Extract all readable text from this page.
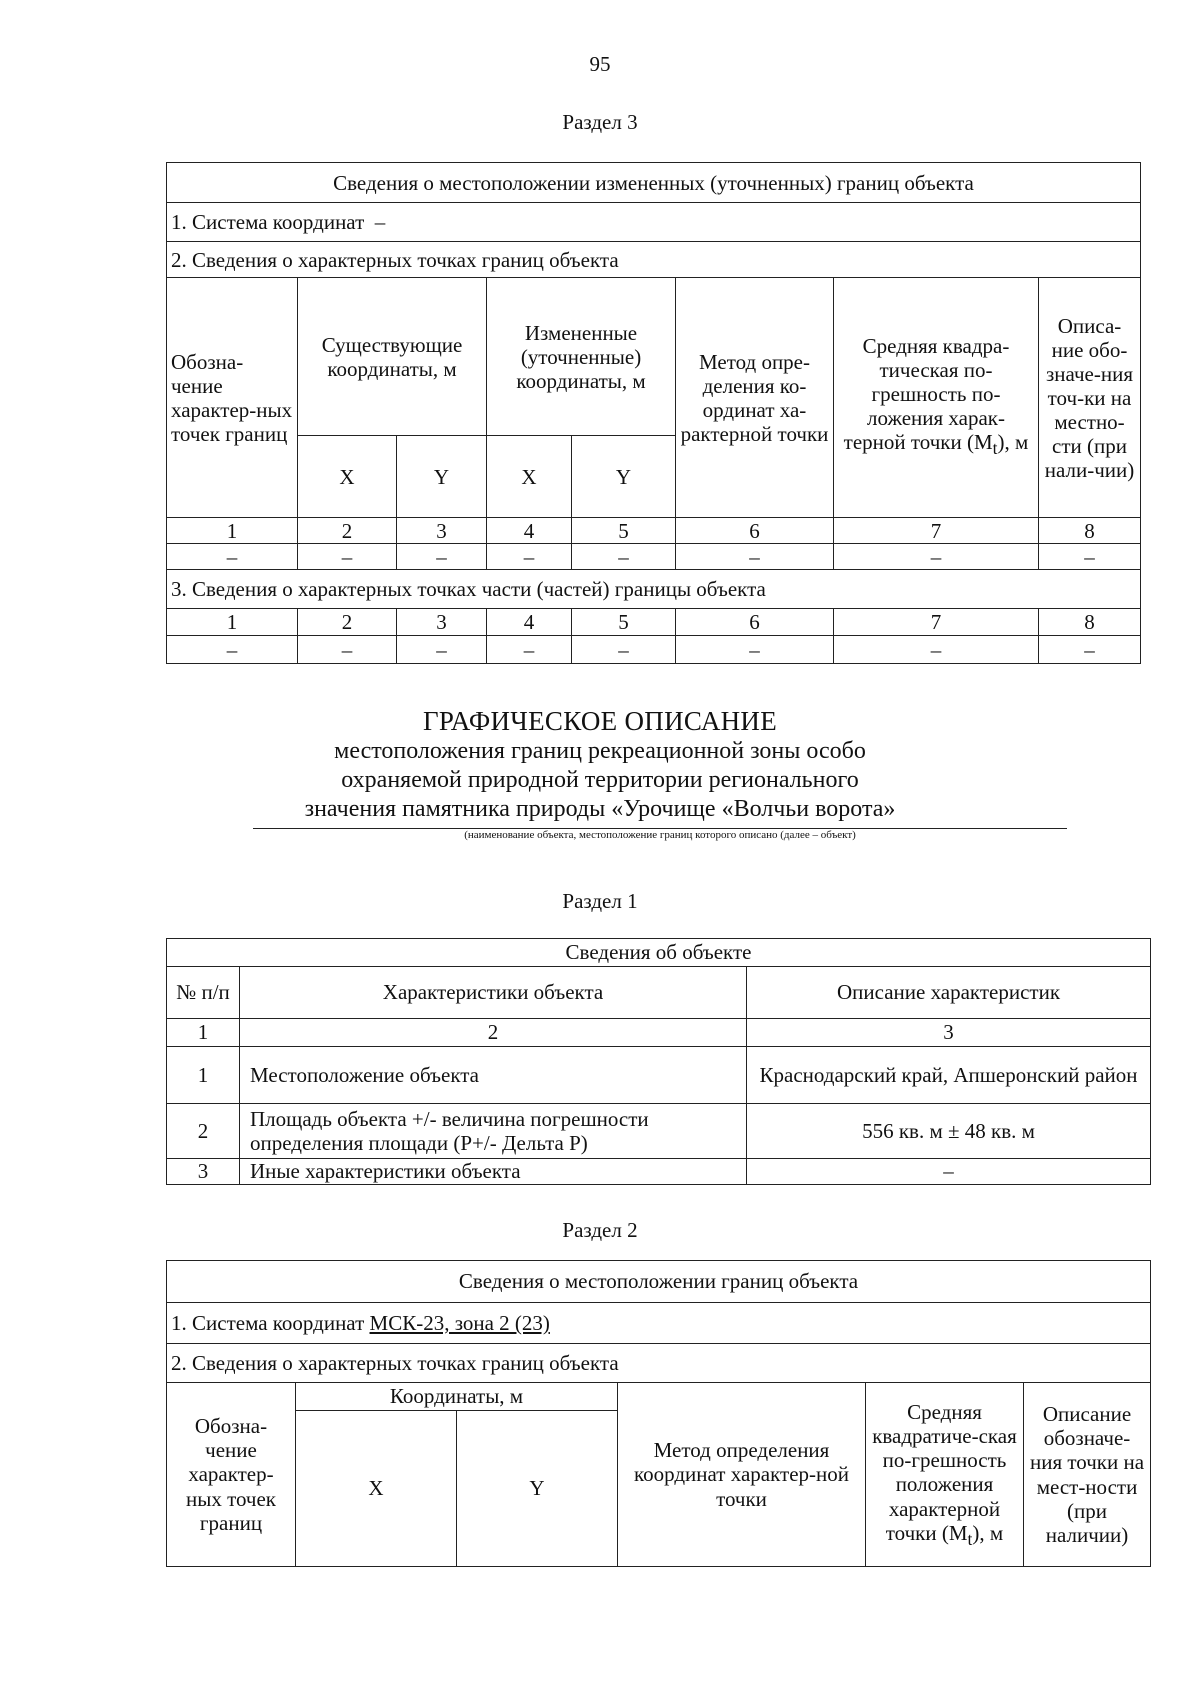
95
Раздел 3
Сведения о местоположении измененных (уточненных) границ объекта							
1. Система координат –							
2. Сведения о характерных точках границ объекта							
Обозна-чение характер-ных точек границ	Существующие координаты, м		Измененные (уточненные) координаты, м		Метод опре-деления ко-ординат ха-рактерной точки	Средняя квадра-тическая по-грешность по-ложения харак-терной точки $(M_t)$, м	Описа-ние обо-значе-ния точ-ки на местно-сти (при нали-чии)
	X	Y	X	Y			
1	2	3	4	5	6	7	8
–	–	–	–	–	–	–	–
3. Сведения о характерных точках части (частей) границы объекта							
1	2	3	4	5	6	7	8
–	–	–	–	–	–	–	–
ГРАФИЧЕСКОЕ ОПИСАНИЕ
местоположения границ рекреационной зоны особо
охраняемой природной территории регионального
значения памятника природы «Урочище «Волчьи ворота»
(наименование объекта, местоположение границ которого описано (далее – объект)
Раздел 1
Сведения об объекте		
№ п/п	Характеристики объекта	Описание характеристик
1	2	3
1	Местоположение объекта	Краснодарский край, Апшеронский район
2	Площадь объекта +/- величина погрешности определения площади (P+/- Дельта P)	556 кв. м ± 48 кв. м
3	Иные характеристики объекта	–
Раздел 2
Сведения о местоположении границ объекта					
1. Система координат МСК-23, зона 2 (23)					
2. Сведения о характерных точках границ объекта					
Обозна-чение характер-ных точек границ	Координаты, м		Метод определения координат характер-ной точки	Средняя квадратиче-ская по-грешность положения характерной точки $(M_t)$, м	Описание обозначе-ния точки на мест-ности (при наличии)
	X	Y			
